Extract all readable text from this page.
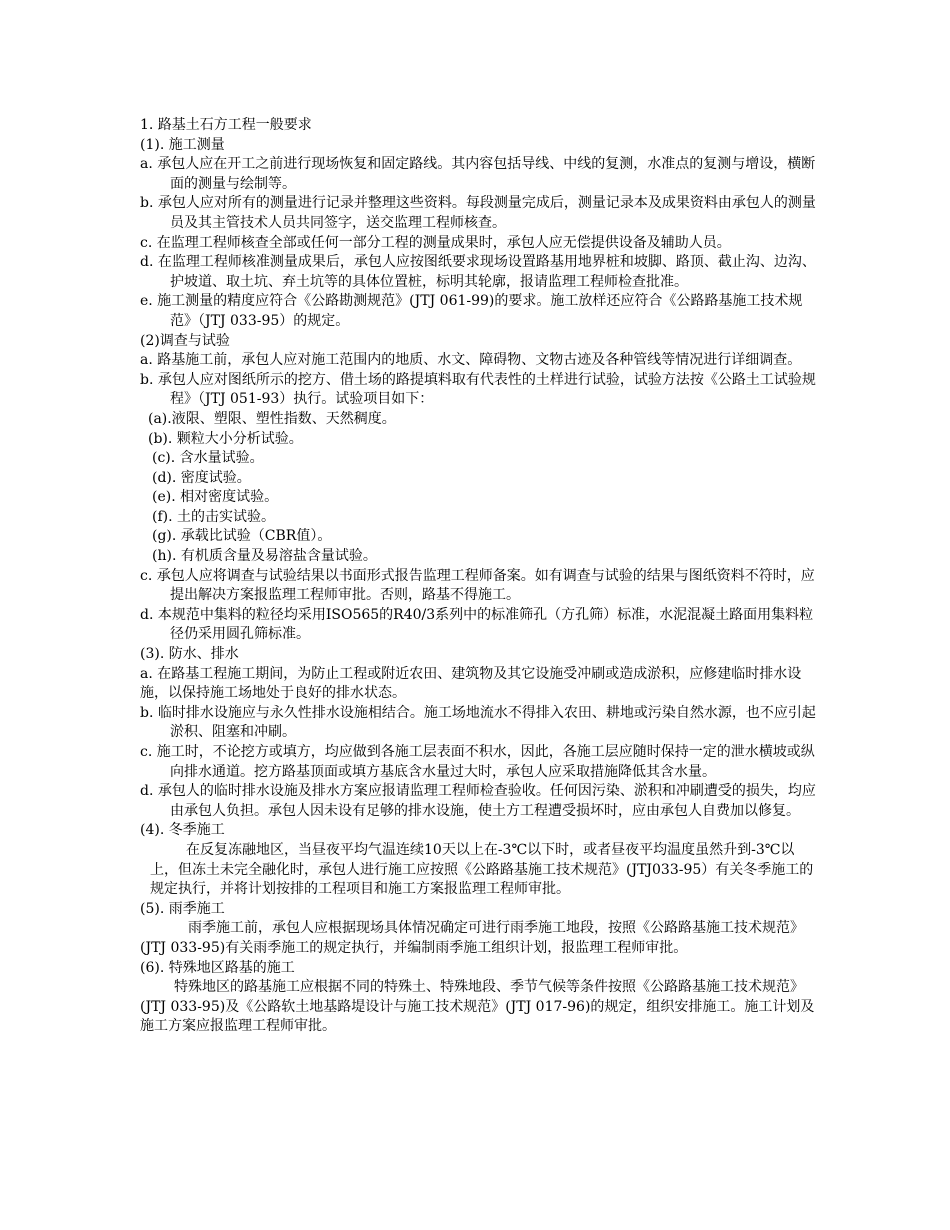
1. 路基土石方工程一般要求
(1). 施工测量
a. 承包人应在开工之前进行现场恢复和固定路线。其内容包括导线、中线的复测，水准点的复测与增设，横断面的测量与绘制等。
b. 承包人应对所有的测量进行记录并整理这些资料。每段测量完成后，测量记录本及成果资料由承包人的测量员及其主管技术人员共同签字，送交监理工程师核查。
c. 在监理工程师核查全部或任何一部分工程的测量成果时，承包人应无偿提供设备及辅助人员。
d. 在监理工程师核准测量成果后，承包人应按图纸要求现场设置路基用地界桩和坡脚、路顶、截止沟、边沟、护坡道、取土坑、弃土坑等的具体位置桩，标明其轮廓，报请监理工程师检查批准。
e. 施工测量的精度应符合《公路勘测规范》(JTJ 061-99)的要求。施工放样还应符合《公路路基施工技术规范》（JTJ 033-95）的规定。
(2)调查与试验
a. 路基施工前，承包人应对施工范围内的地质、水文、障碍物、文物古迹及各种管线等情况进行详细调查。
b. 承包人应对图纸所示的挖方、借土场的路提填料取有代表性的土样进行试验，试验方法按《公路土工试验规程》（JTJ 051-93）执行。试验项目如下：
(a).液限、塑限、塑性指数、天然稠度。
(b). 颗粒大小分析试验。
(c). 含水量试验。
(d). 密度试验。
(e). 相对密度试验。
(f). 土的击实试验。
(g). 承载比试验（CBR值）。
(h). 有机质含量及易溶盐含量试验。
c. 承包人应将调查与试验结果以书面形式报告监理工程师备案。如有调查与试验的结果与图纸资料不符时，应提出解决方案报监理工程师审批。否则，路基不得施工。
d. 本规范中集料的粒径均采用ISO565的R40/3系列中的标准筛孔（方孔筛）标准，水泥混凝土路面用集料粒径仍采用圆孔筛标准。
(3). 防水、排水
a. 在路基工程施工期间，为防止工程或附近农田、建筑物及其它设施受冲刷或造成淤积，应修建临时排水设施，以保持施工场地处于良好的排水状态。
b. 临时排水设施应与永久性排水设施相结合。施工场地流水不得排入农田、耕地或污染自然水源，也不应引起淤积、阻塞和冲刷。
c. 施工时，不论挖方或填方，均应做到各施工层表面不积水，因此，各施工层应随时保持一定的泄水横坡或纵向排水通道。挖方路基顶面或填方基底含水量过大时，承包人应采取措施降低其含水量。
d. 承包人的临时排水设施及排水方案应报请监理工程师检查验收。任何因污染、淤积和冲刷遭受的损失，均应由承包人负担。承包人因未设有足够的排水设施，使土方工程遭受损坏时，应由承包人自费加以修复。
(4). 冬季施工
在反复冻融地区，当昼夜平均气温连续10天以上在-3℃以下时，或者昼夜平均温度虽然升到-3℃以上，但冻土未完全融化时，承包人进行施工应按照《公路路基施工技术规范》(JTJ033-95）有关冬季施工的规定执行，并将计划按排的工程项目和施工方案报监理工程师审批。
(5). 雨季施工
雨季施工前，承包人应根据现场具体情况确定可进行雨季施工地段，按照《公路路基施工技术规范》(JTJ 033-95)有关雨季施工的规定执行，并编制雨季施工组织计划，报监理工程师审批。
(6). 特殊地区路基的施工
特殊地区的路基施工应根据不同的特殊土、特殊地段、季节气候等条件按照《公路路基施工技术规范》(JTJ 033-95)及《公路软土地基路堤设计与施工技术规范》(JTJ 017-96)的规定，组织安排施工。施工计划及施工方案应报监理工程师审批。
